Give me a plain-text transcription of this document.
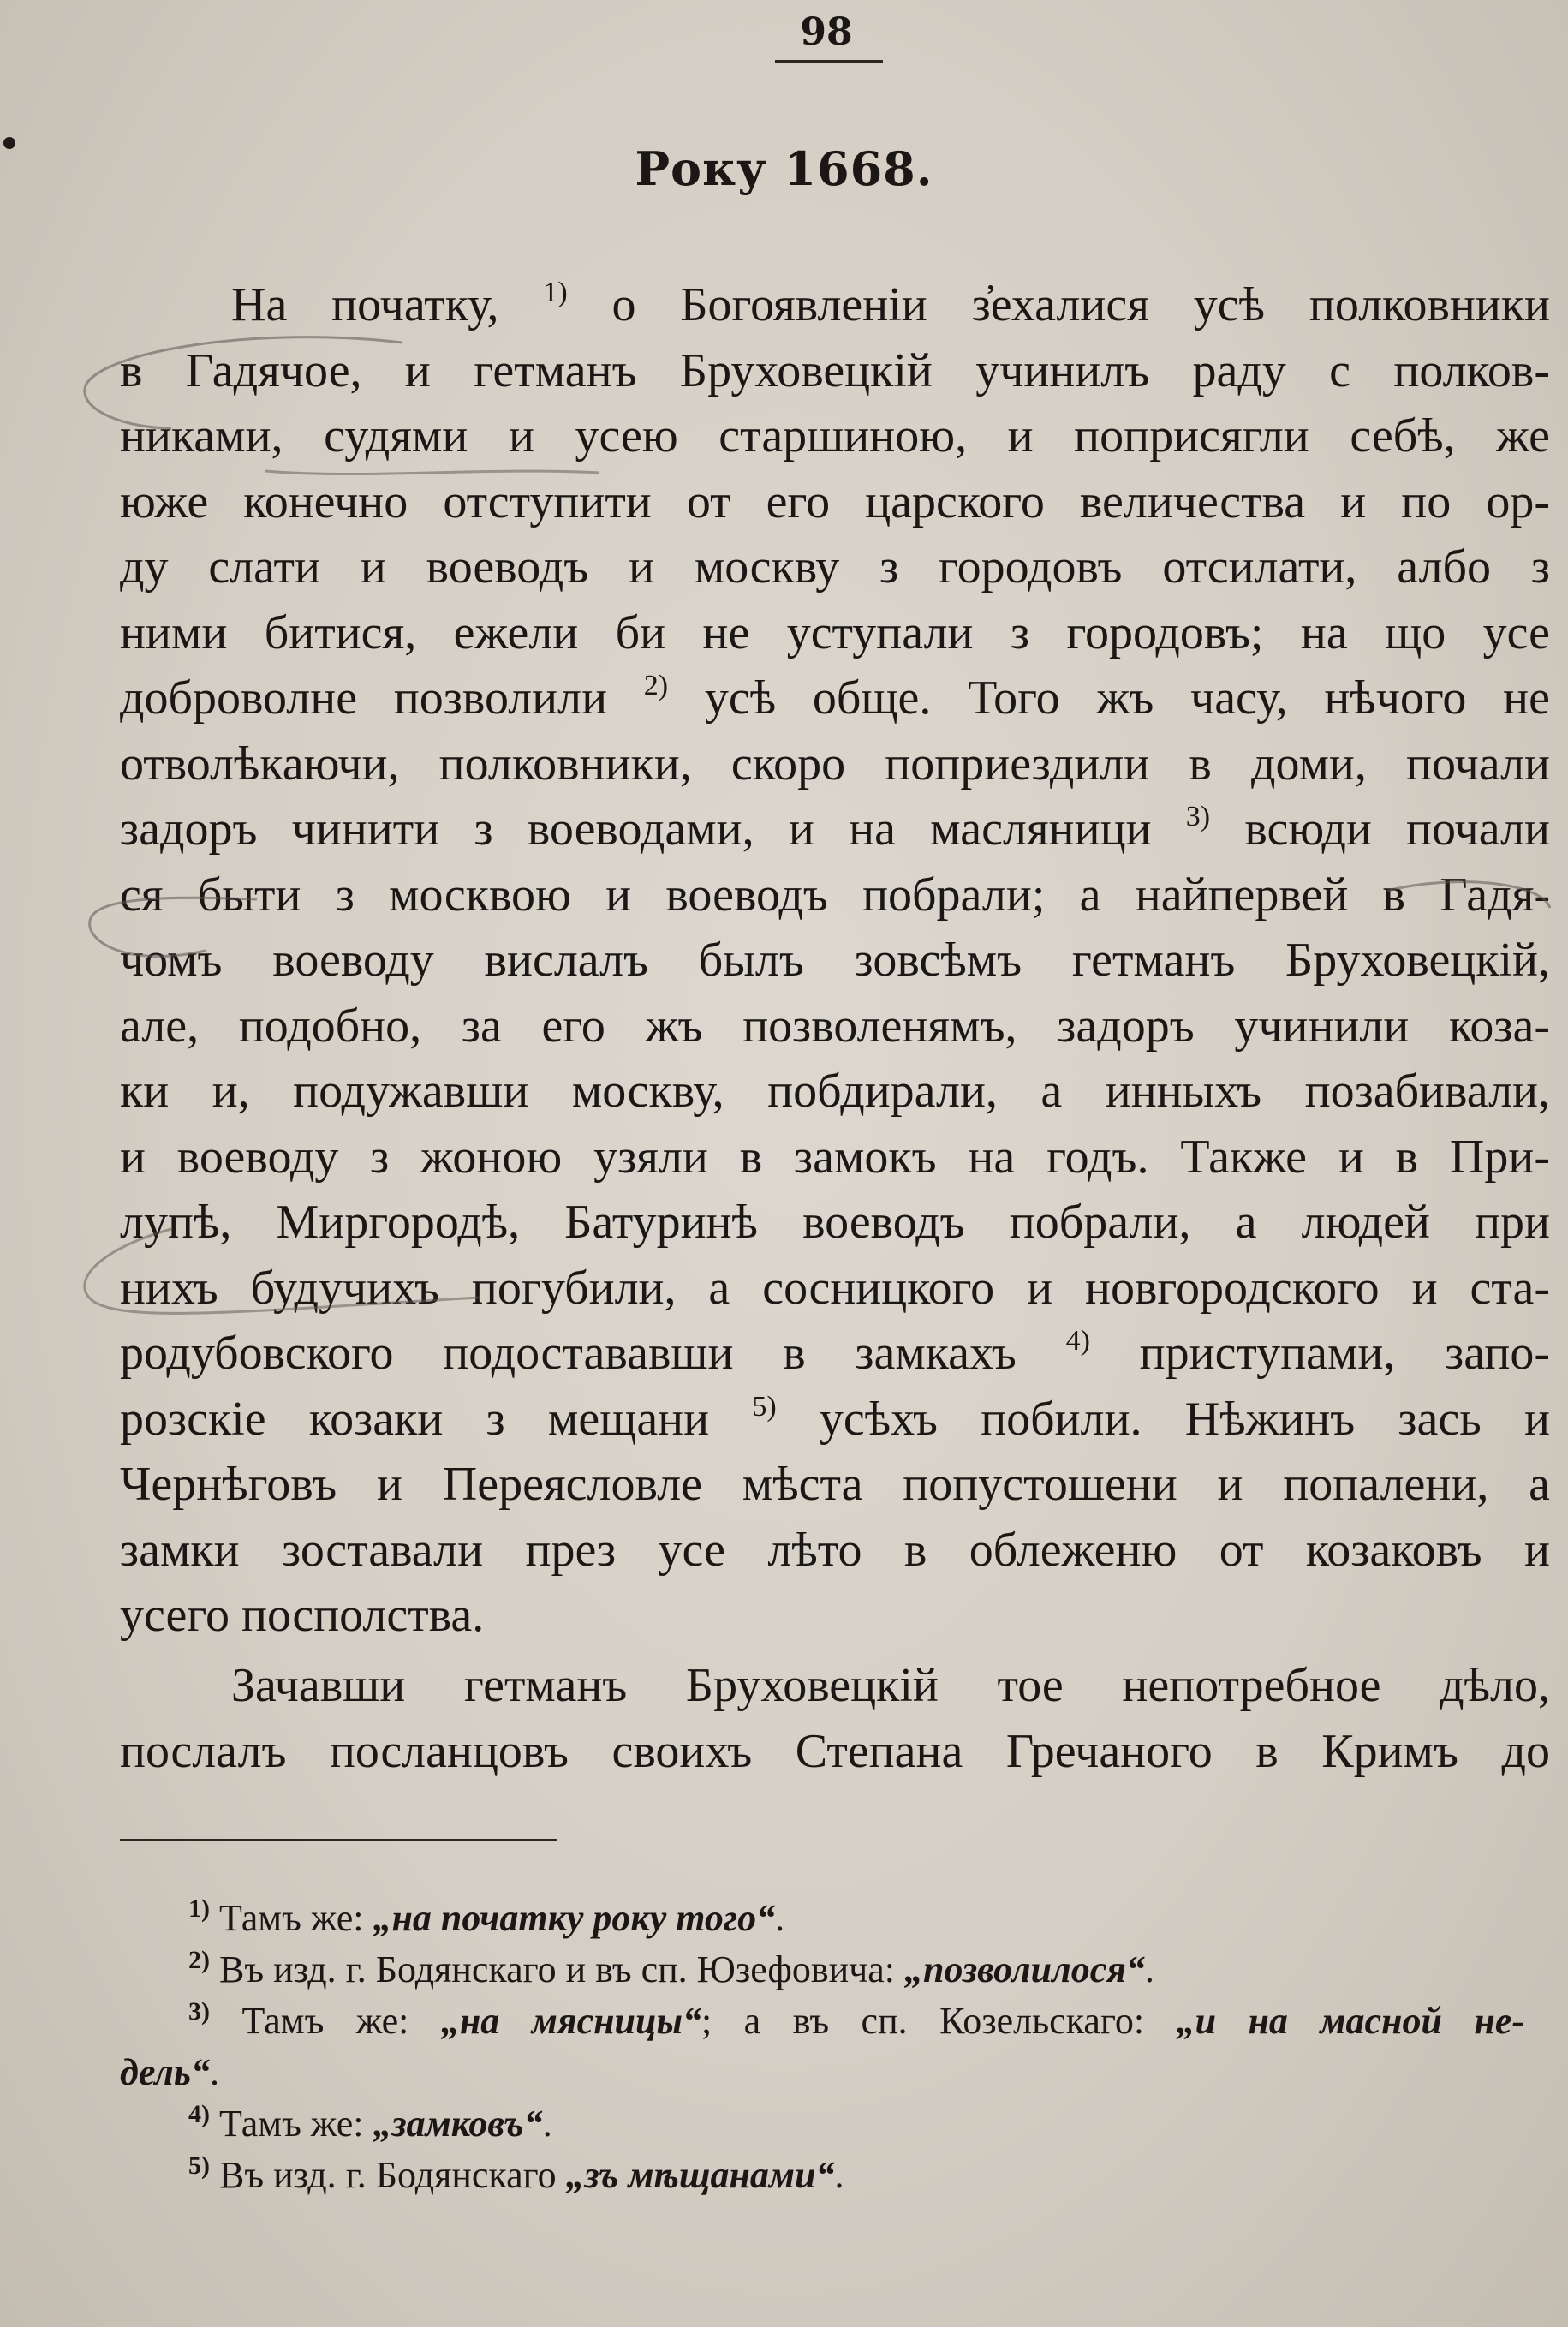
98
Року 1668.
На початку, $^{1)}$ о Богоявленіи з̓ехалися усѣ полковники
в Гадячое, и гетманъ Бруховецкій учинилъ раду с полков-
никами, судями и усею старшиною, и поприсягли себѣ, же
юже конечно отступити от его царского величества и по ор-
ду слати и воеводъ и москву з городовъ отсилати, албо з
ними битися, ежели би не уступали з городовъ; на що усе
доброволне позволили $^{2)}$ усѣ обще. Того жъ часу, нѣчого не
отволѣкаючи, полковники, скоро поприездили в доми, почали
задоръ чинити з воеводами, и на масляници $^{3)}$ всюди почали
ся быти з москвою и воеводъ побрали; а найпервей в Гадя-
чомъ воеводу вислалъ былъ зовсѣмъ гетманъ Бруховецкій,
але, подобно, за его жъ позволенямъ, задоръ учинили коза-
ки и, подужавши москву, побдирали, а инныхъ позабивали,
и воеводу з жоною узяли в замокъ на годъ. Также и в При-
лупѣ, Миргородѣ, Батуринѣ воеводъ побрали, а людей при
нихъ будучихъ погубили, а сосницкого и новгородского и ста-
родубовского подостававши в замкахъ $^{4)}$ приступами, запо-
розскіе козаки з мещани $^{5)}$ усѣхъ побили. Нѣжинъ зась и
Чернѣговъ и Переясловле мѣста попустошени и попалени, а
замки зоставали през усе лѣто в облеженю от козаковъ и
усего посполства.
Зачавши гетманъ Бруховецкій тое непотребное дѣло,
послалъ посланцовъ своихъ Степана Гречаного в Кримъ до
$^{1)}$ Тамъ же: „на початку року того“.
$^{2)}$ Въ изд. г. Бодянскаго и въ сп. Юзефовича: „позволилося“.
$^{3)}$ Тамъ же: „на мясницы“; а въ сп. Козельскаго: „и на масной не-
дель“.
$^{4)}$ Тамъ же: „замковъ“.
$^{5)}$ Въ изд. г. Бодянскаго „зъ мѣщанами“.
